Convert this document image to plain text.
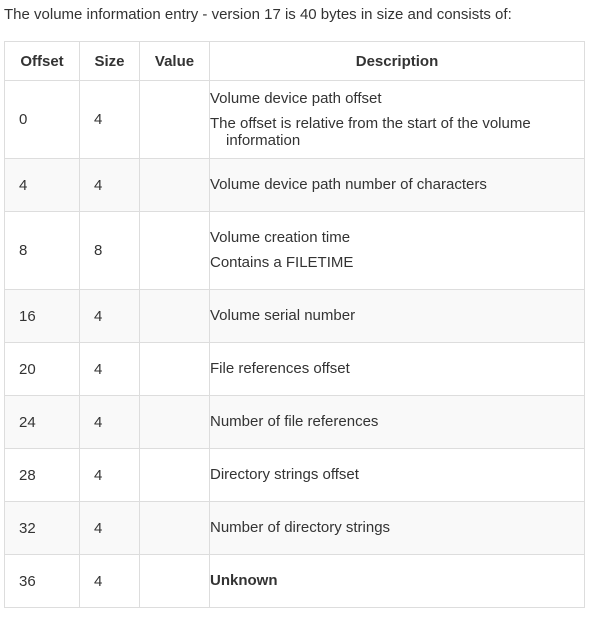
The volume information entry - version 17 is 40 bytes in size and consists of:
Offset	Size	Value	Description

0	4		Volume device path offset
The offset is relative from the start of the volume
information

4	4		Volume device path number of characters

8	8		Volume creation time
Contains a FILETIME

16	4		Volume serial number

20	4		File references offset

24	4		Number of file references

28	4		Directory strings offset

32	4		Number of directory strings

36	4		Unknown
